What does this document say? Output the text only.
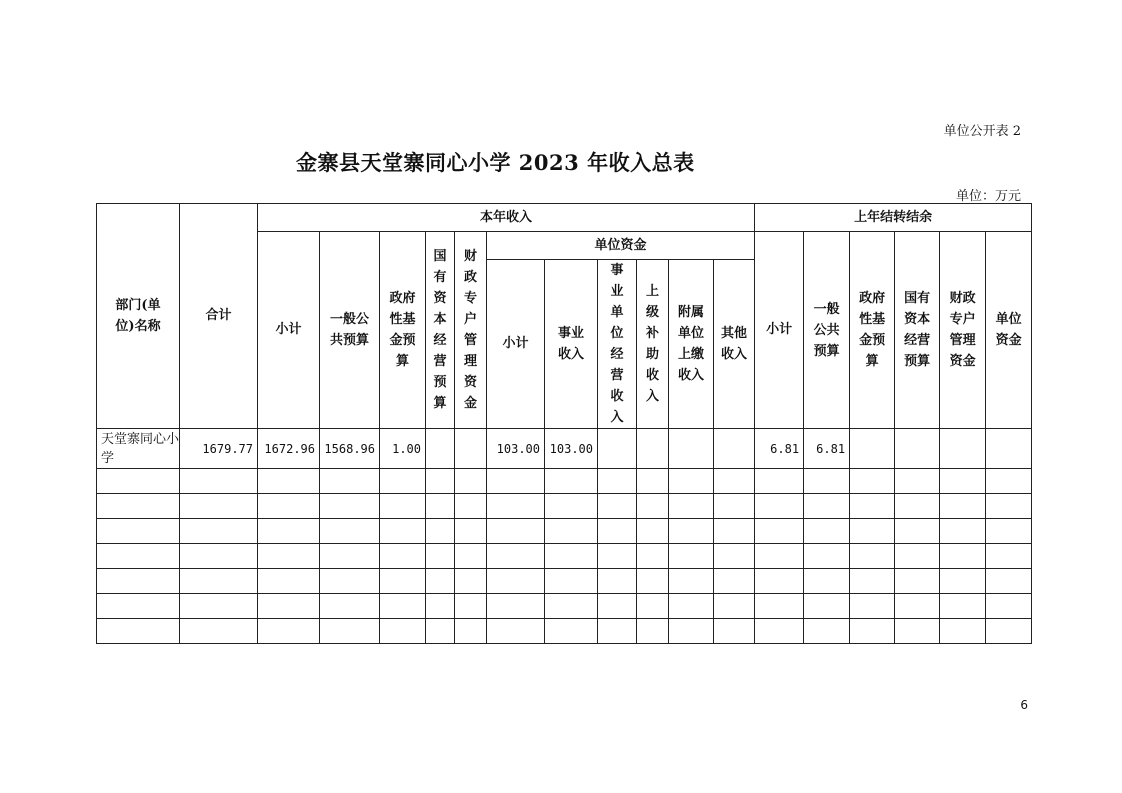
单位公开表 2
金寨县天堂寨同心小学 2023 年收入总表
单位：万元
部门(单位)名称	合计	本年收入											上年结转结余					
		小计	一般公共预算	政府性基金预算	国有资本经营预算	财政专户管理资金	单位资金						小计	一般公共预算	政府性基金预算	国有资本经营预算	财政专户管理资金	单位资金
							小计	事业收入	事业单位经营收入	上级补助收入	附属单位上缴收入	其他收入						
天堂寨同心小学	1679.77	1672.96	1568.96	1.00			103.00	103.00					6.81	6.81				

6
